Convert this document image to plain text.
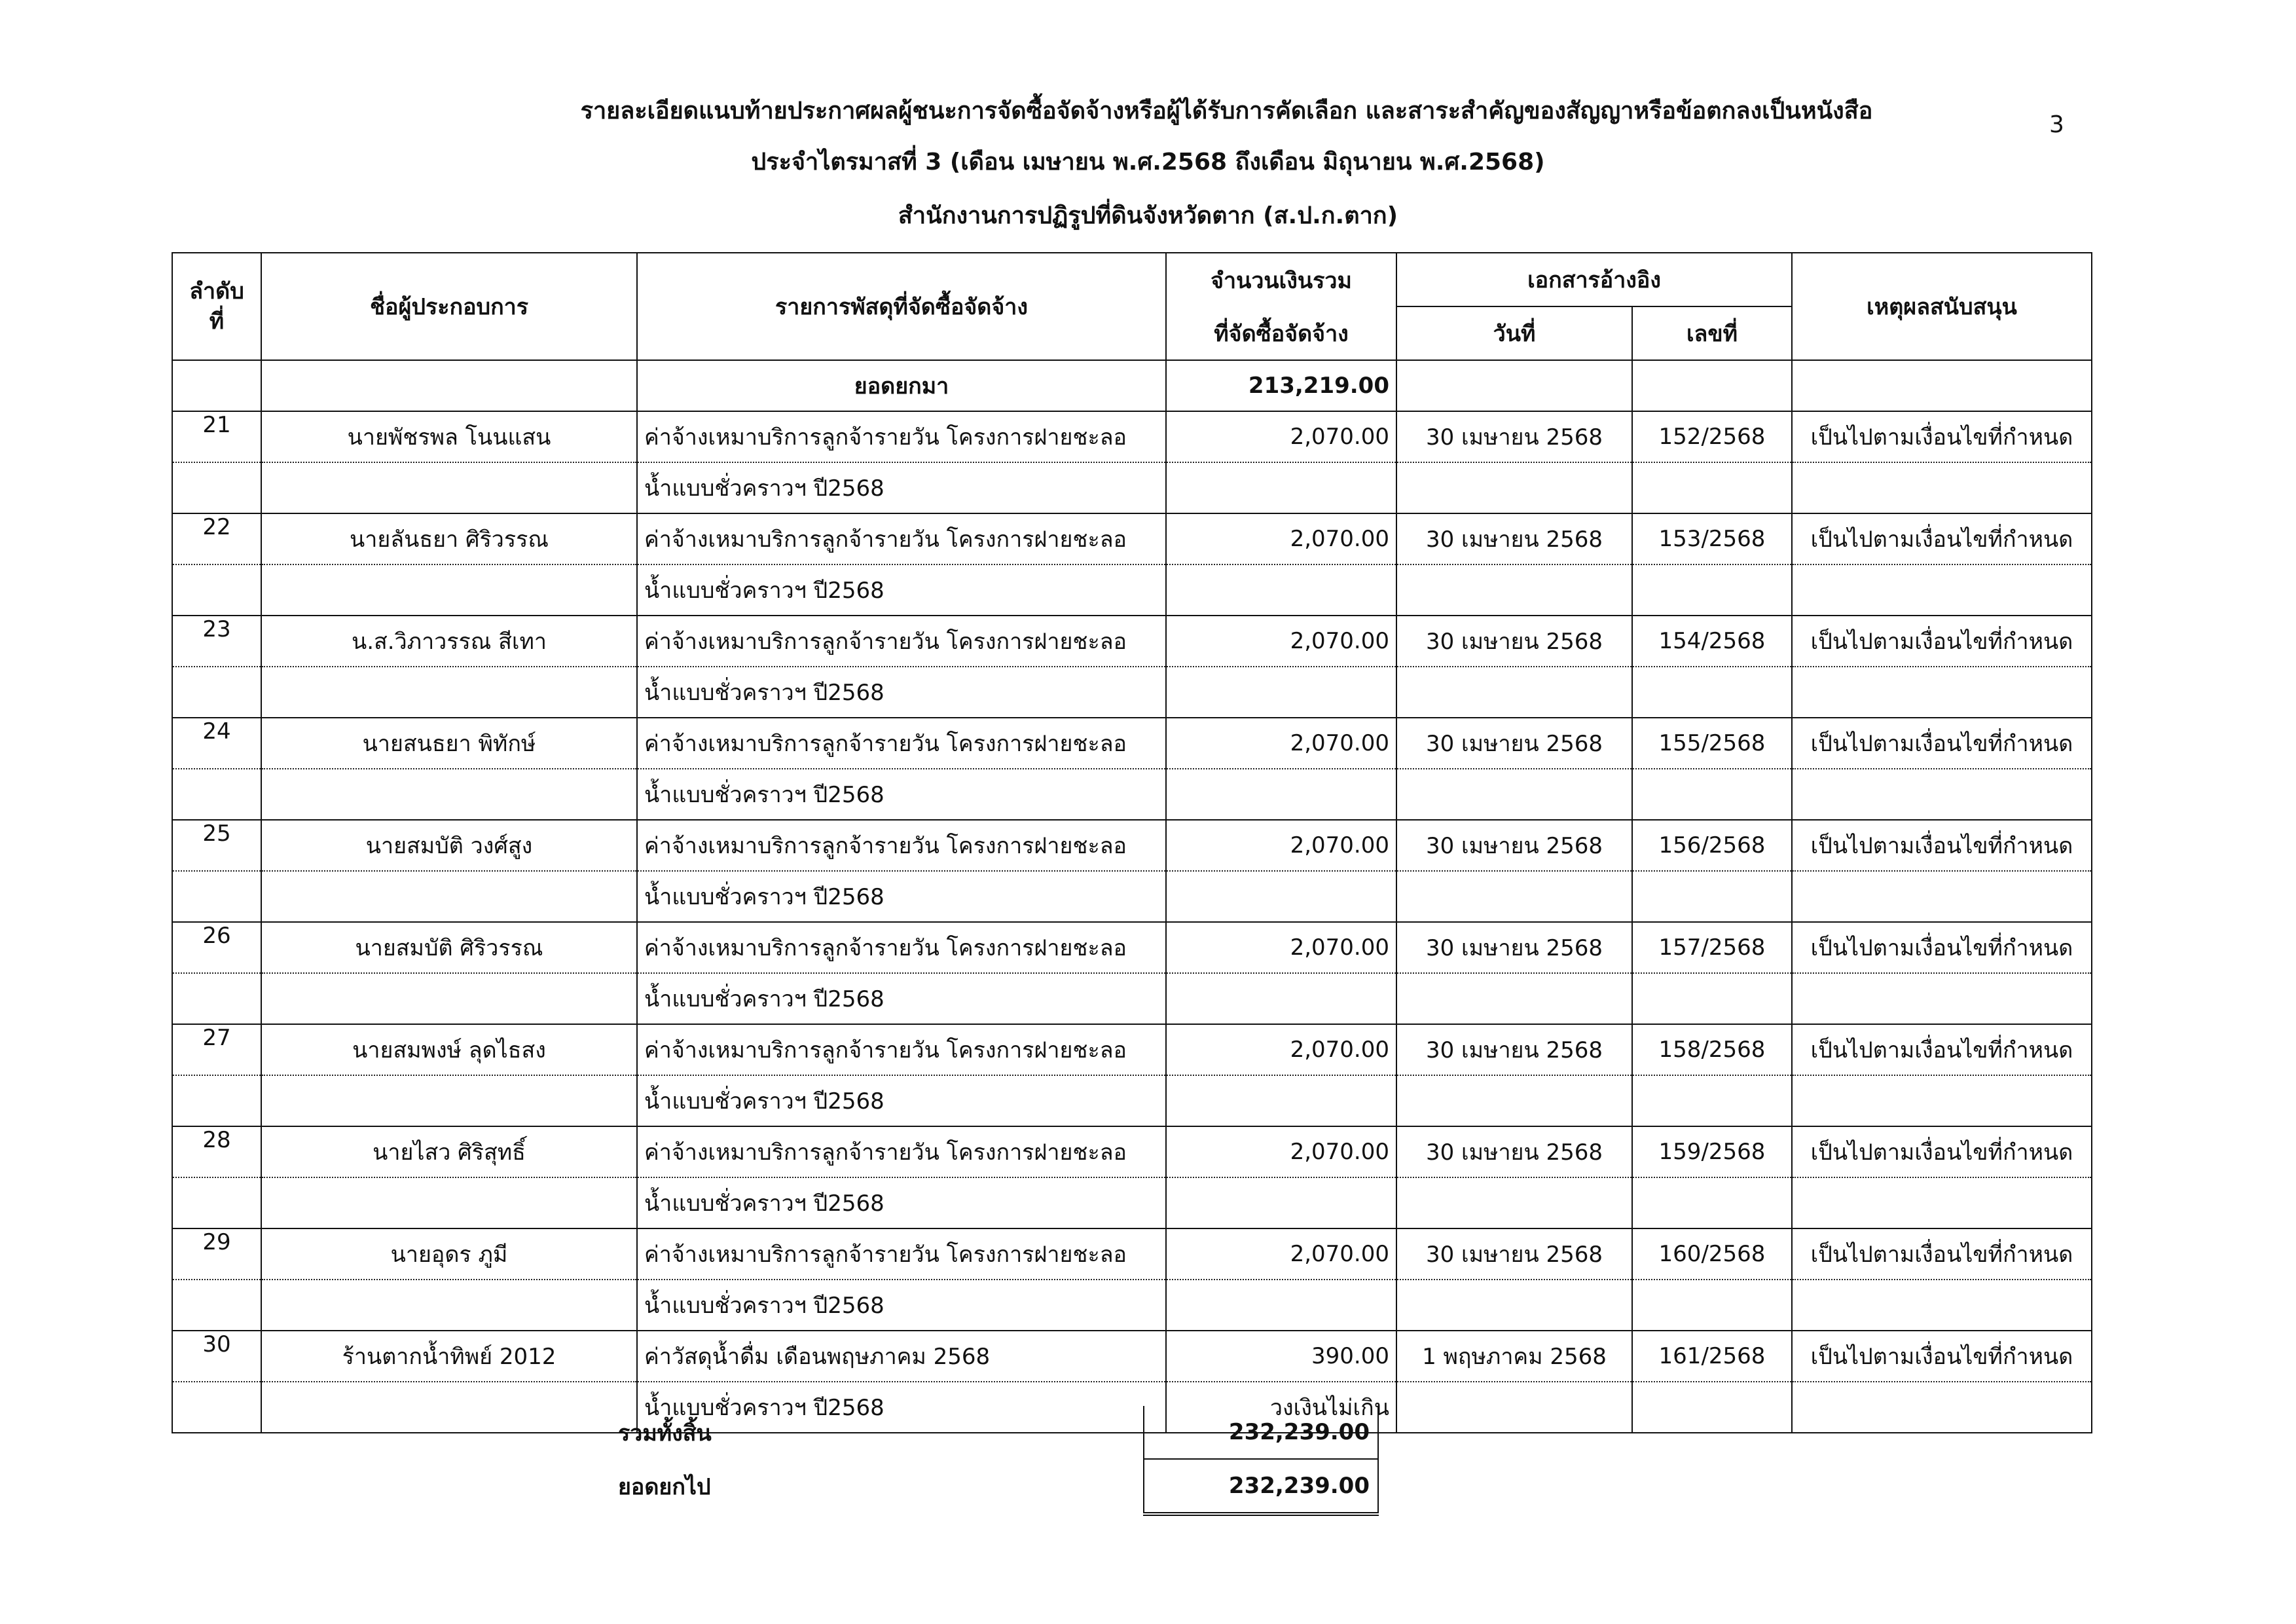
รายละเอียดแนบท้ายประกาศผลผู้ชนะการจัดซื้อจัดจ้างหรือผู้ได้รับการคัดเลือก และสาระสำคัญของสัญญาหรือข้อตกลงเป็นหนังสือ
ประจำไตรมาสที่ 3 (เดือน เมษายน พ.ศ.2568 ถึงเดือน มิถุนายน พ.ศ.2568)
สำนักงานการปฏิรูปที่ดินจังหวัดตาก (ส.ป.ก.ตาก)
3
ลำดับ ที่	ชื่อผู้ประกอบการ	รายการพัสดุที่จัดซื้อจัดจ้าง	จำนวนเงินรวม	เอกสารอ้างอิง		เหตุผลสนับสนุน
			ที่จัดซื้อจัดจ้าง	วันที่	เลขที่	
		ยอดยกมา	213,219.00			
21	นายพัชรพล โนนแสน	ค่าจ้างเหมาบริการลูกจ้ารายวัน โครงการฝายชะลอ	2,070.00	30 เมษายน 2568	152/2568	เป็นไปตามเงื่อนไขที่กำหนด
		น้ำแบบชั่วคราวฯ ปี2568				
22	นายลันธยา ศิริวรรณ	ค่าจ้างเหมาบริการลูกจ้ารายวัน โครงการฝายชะลอ	2,070.00	30 เมษายน 2568	153/2568	เป็นไปตามเงื่อนไขที่กำหนด
		น้ำแบบชั่วคราวฯ ปี2568				
23	น.ส.วิภาวรรณ สีเทา	ค่าจ้างเหมาบริการลูกจ้ารายวัน โครงการฝายชะลอ	2,070.00	30 เมษายน 2568	154/2568	เป็นไปตามเงื่อนไขที่กำหนด
		น้ำแบบชั่วคราวฯ ปี2568				
24	นายสนธยา พิทักษ์	ค่าจ้างเหมาบริการลูกจ้ารายวัน โครงการฝายชะลอ	2,070.00	30 เมษายน 2568	155/2568	เป็นไปตามเงื่อนไขที่กำหนด
		น้ำแบบชั่วคราวฯ ปี2568				
25	นายสมบัติ วงศ์สูง	ค่าจ้างเหมาบริการลูกจ้ารายวัน โครงการฝายชะลอ	2,070.00	30 เมษายน 2568	156/2568	เป็นไปตามเงื่อนไขที่กำหนด
		น้ำแบบชั่วคราวฯ ปี2568				
26	นายสมบัติ ศิริวรรณ	ค่าจ้างเหมาบริการลูกจ้ารายวัน โครงการฝายชะลอ	2,070.00	30 เมษายน 2568	157/2568	เป็นไปตามเงื่อนไขที่กำหนด
		น้ำแบบชั่วคราวฯ ปี2568				
27	นายสมพงษ์ ลุดไธสง	ค่าจ้างเหมาบริการลูกจ้ารายวัน โครงการฝายชะลอ	2,070.00	30 เมษายน 2568	158/2568	เป็นไปตามเงื่อนไขที่กำหนด
		น้ำแบบชั่วคราวฯ ปี2568				
28	นายไสว ศิริสุทธิ์	ค่าจ้างเหมาบริการลูกจ้ารายวัน โครงการฝายชะลอ	2,070.00	30 เมษายน 2568	159/2568	เป็นไปตามเงื่อนไขที่กำหนด
		น้ำแบบชั่วคราวฯ ปี2568				
29	นายอุดร ภูมี	ค่าจ้างเหมาบริการลูกจ้ารายวัน โครงการฝายชะลอ	2,070.00	30 เมษายน 2568	160/2568	เป็นไปตามเงื่อนไขที่กำหนด
		น้ำแบบชั่วคราวฯ ปี2568				
30	ร้านตากน้ำทิพย์ 2012	ค่าวัสดุน้ำดื่ม เดือนพฤษภาคม 2568	390.00	1 พฤษภาคม 2568	161/2568	เป็นไปตามเงื่อนไขที่กำหนด
		น้ำแบบชั่วคราวฯ ปี2568	วงเงินไม่เกิน			
รวมทั้งสิ้น	232,239.00
ยอดยกไป	232,239.00
